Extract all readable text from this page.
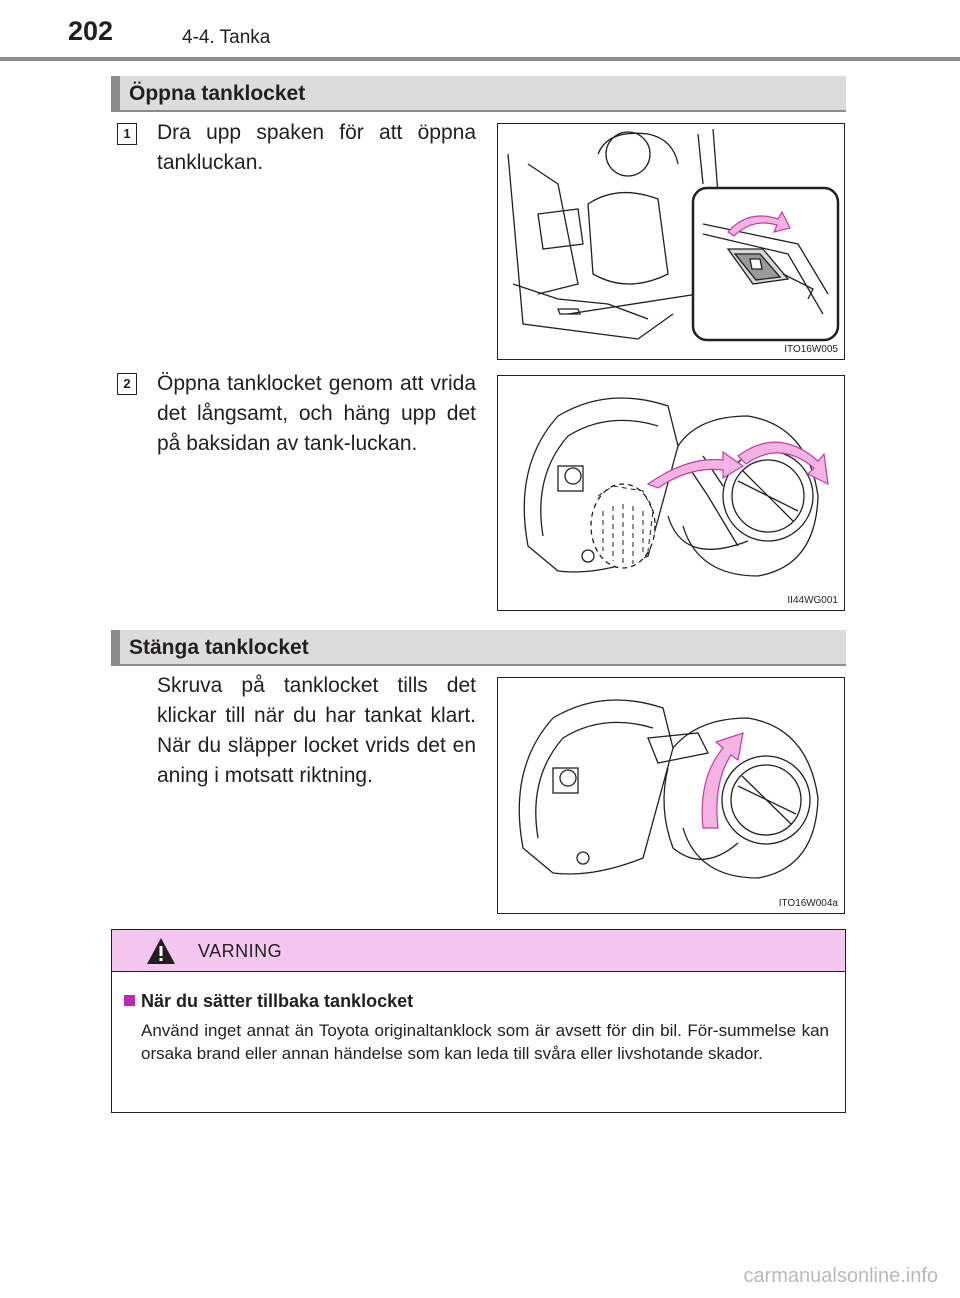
202	4-4. Tanka
Öppna tanklocket
1	Dra upp spaken för att öppna tankluckan.
ITO16W005
2	Öppna tanklocket genom att vrida det långsamt, och häng upp det på baksidan av tank-luckan.
II44WG001
Stänga tanklocket
Skruva på tanklocket tills det klickar till när du har tankat klart. När du släpper locket vrids det en aning i motsatt riktning.
ITO16W004a
VARNING
När du sätter tillbaka tanklocket
Använd inget annat än Toyota originaltanklock som är avsett för din bil. För-summelse kan orsaka brand eller annan händelse som kan leda till svåra eller livshotande skador.
carmanualsonline.info
